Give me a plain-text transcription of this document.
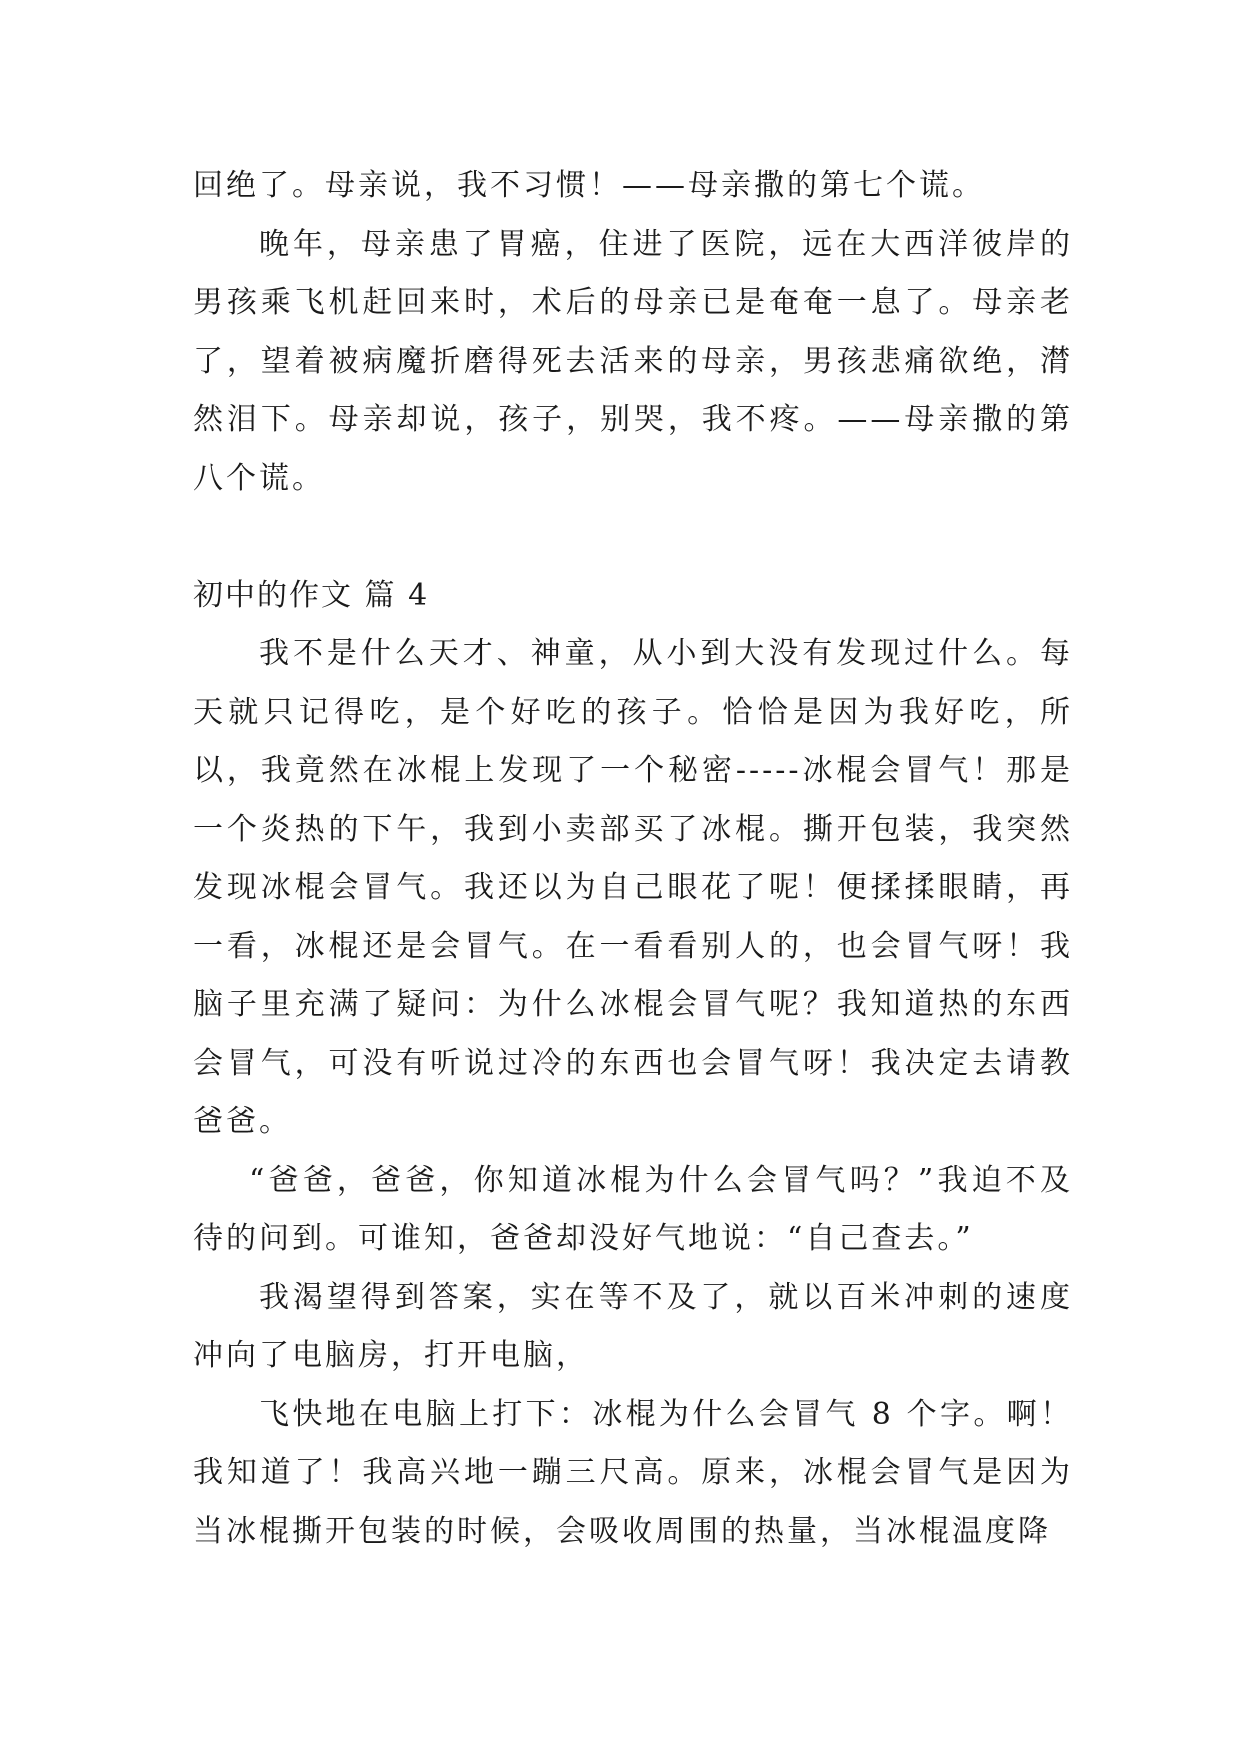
回绝了。母亲说，我不习惯！——母亲撒的第七个谎。

晚年，母亲患了胃癌，住进了医院，远在大西洋彼岸的男孩乘飞机赶回来时，术后的母亲已是奄奄一息了。母亲老了，望着被病魔折磨得死去活来的母亲，男孩悲痛欲绝，潸然泪下。母亲却说，孩子，别哭，我不疼。——母亲撒的第八个谎。

初中的作文 篇 4

我不是什么天才、神童，从小到大没有发现过什么。每天就只记得吃，是个好吃的孩子。恰恰是因为我好吃，所以，我竟然在冰棍上发现了一个秘密-----冰棍会冒气！那是一个炎热的下午，我到小卖部买了冰棍。撕开包装，我突然发现冰棍会冒气。我还以为自己眼花了呢！便揉揉眼睛，再一看，冰棍还是会冒气。在一看看别人的，也会冒气呀！我脑子里充满了疑问：为什么冰棍会冒气呢？我知道热的东西会冒气，可没有听说过冷的东西也会冒气呀！我决定去请教爸爸。

“爸爸，爸爸，你知道冰棍为什么会冒气吗？”我迫不及待的问到。可谁知，爸爸却没好气地说：“自己查去。”

我渴望得到答案，实在等不及了，就以百米冲刺的速度冲向了电脑房，打开电脑，

飞快地在电脑上打下：冰棍为什么会冒气 8 个字。啊！我知道了！我高兴地一蹦三尺高。原来，冰棍会冒气是因为当冰棍撕开包装的时候，会吸收周围的热量，当冰棍温度降
